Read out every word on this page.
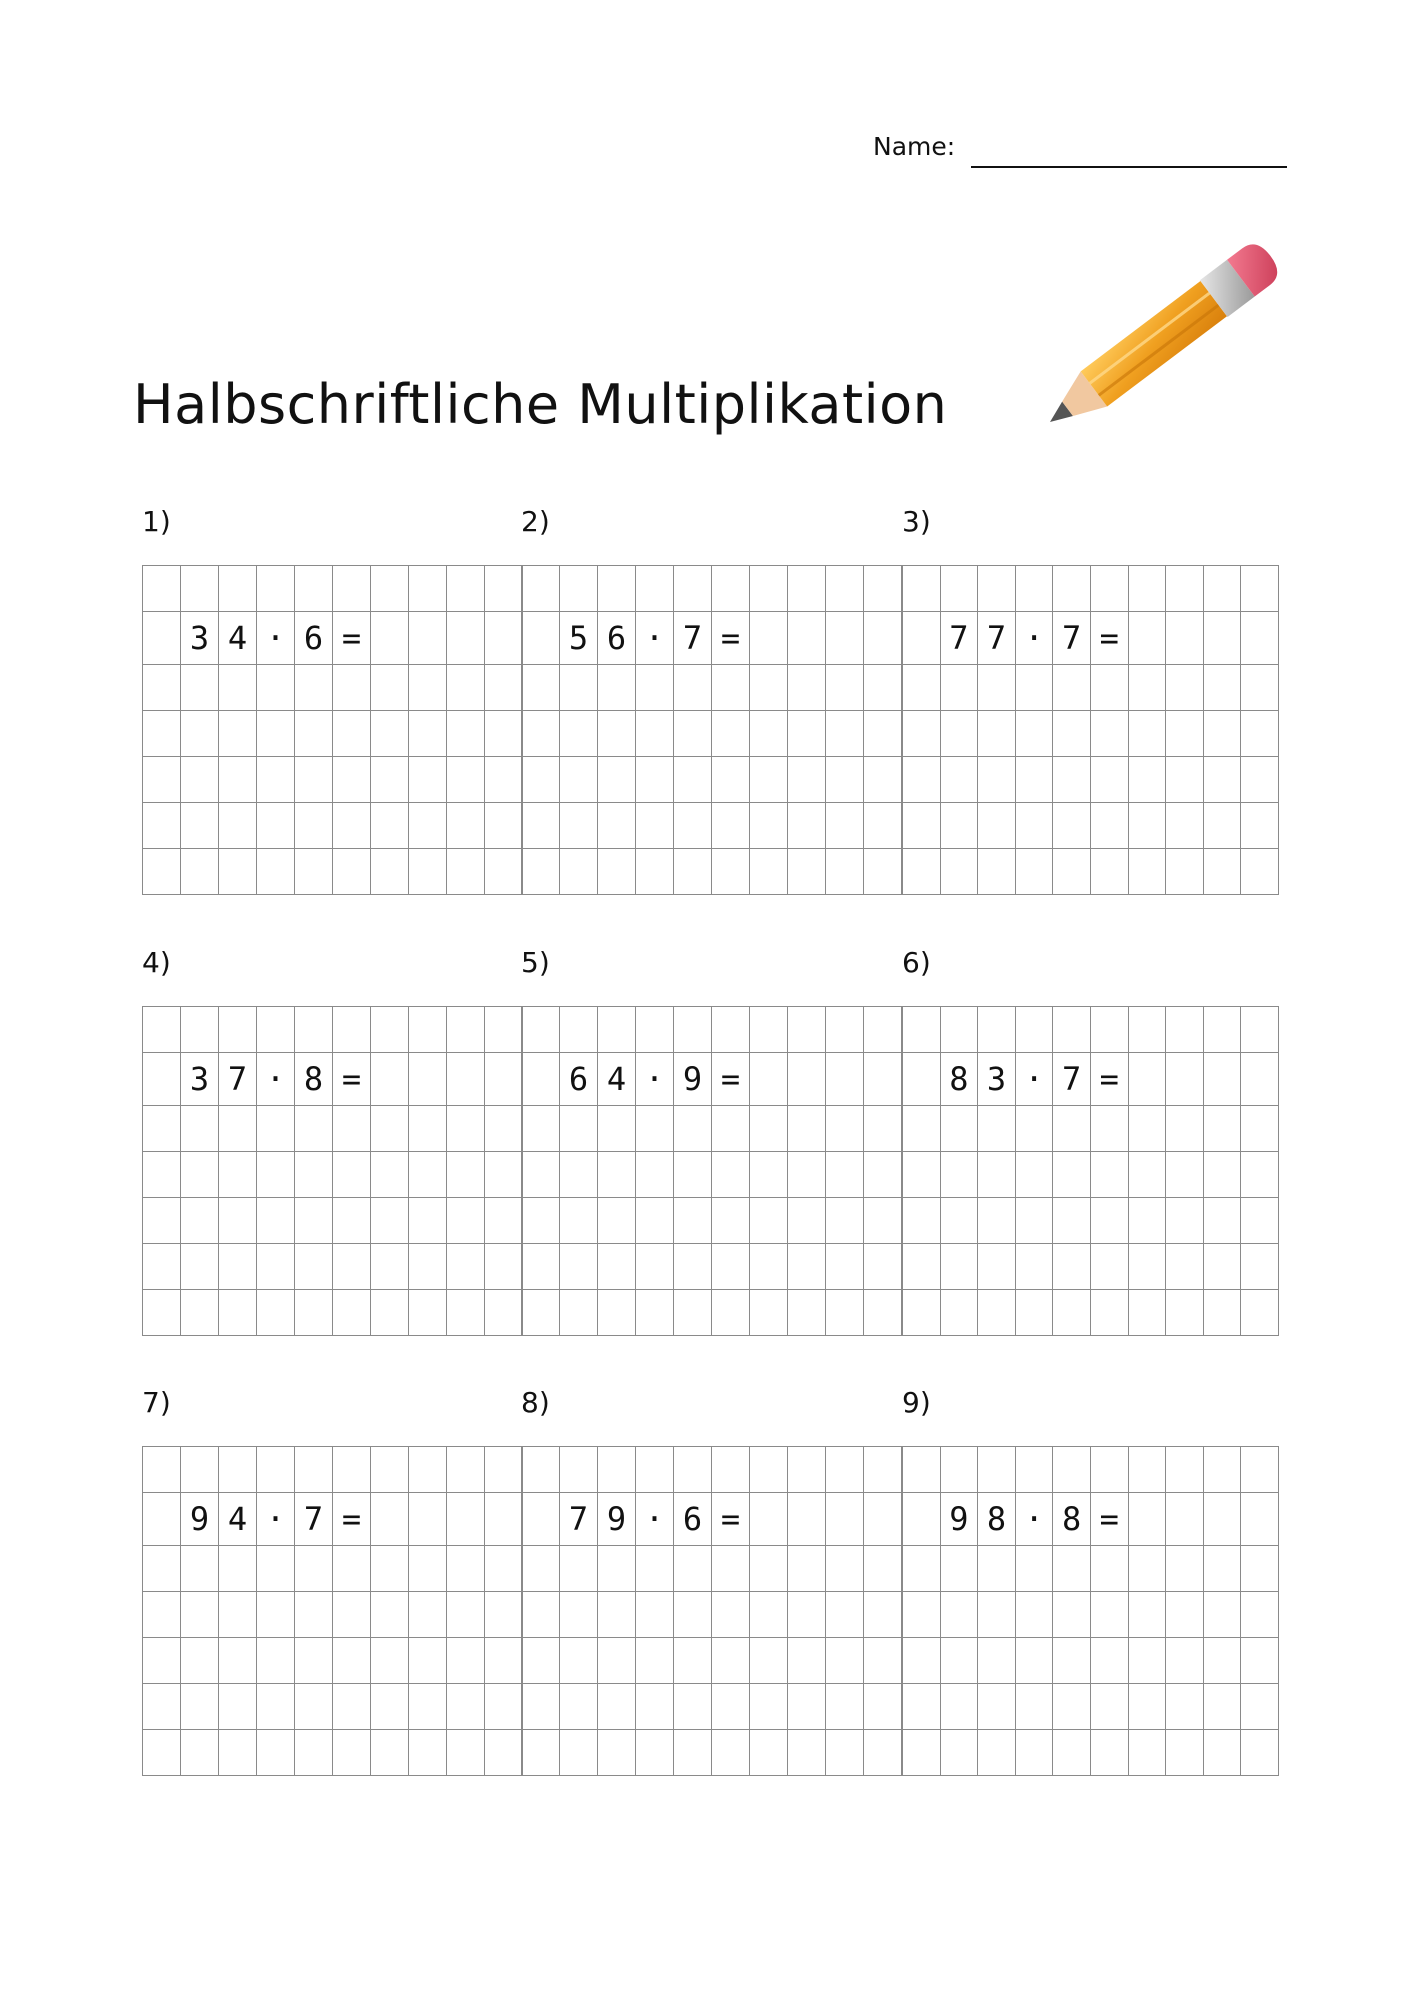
Name:
Halbschriftliche Multiplikation
1)

	3	4	·	6	=				

2)

	5	6	·	7	=				

3)

	7	7	·	7	=				

4)

	3	7	·	8	=				

5)

	6	4	·	9	=				

6)

	8	3	·	7	=				

7)

	9	4	·	7	=				

8)

	7	9	·	6	=				

9)

	9	8	·	8	=				
